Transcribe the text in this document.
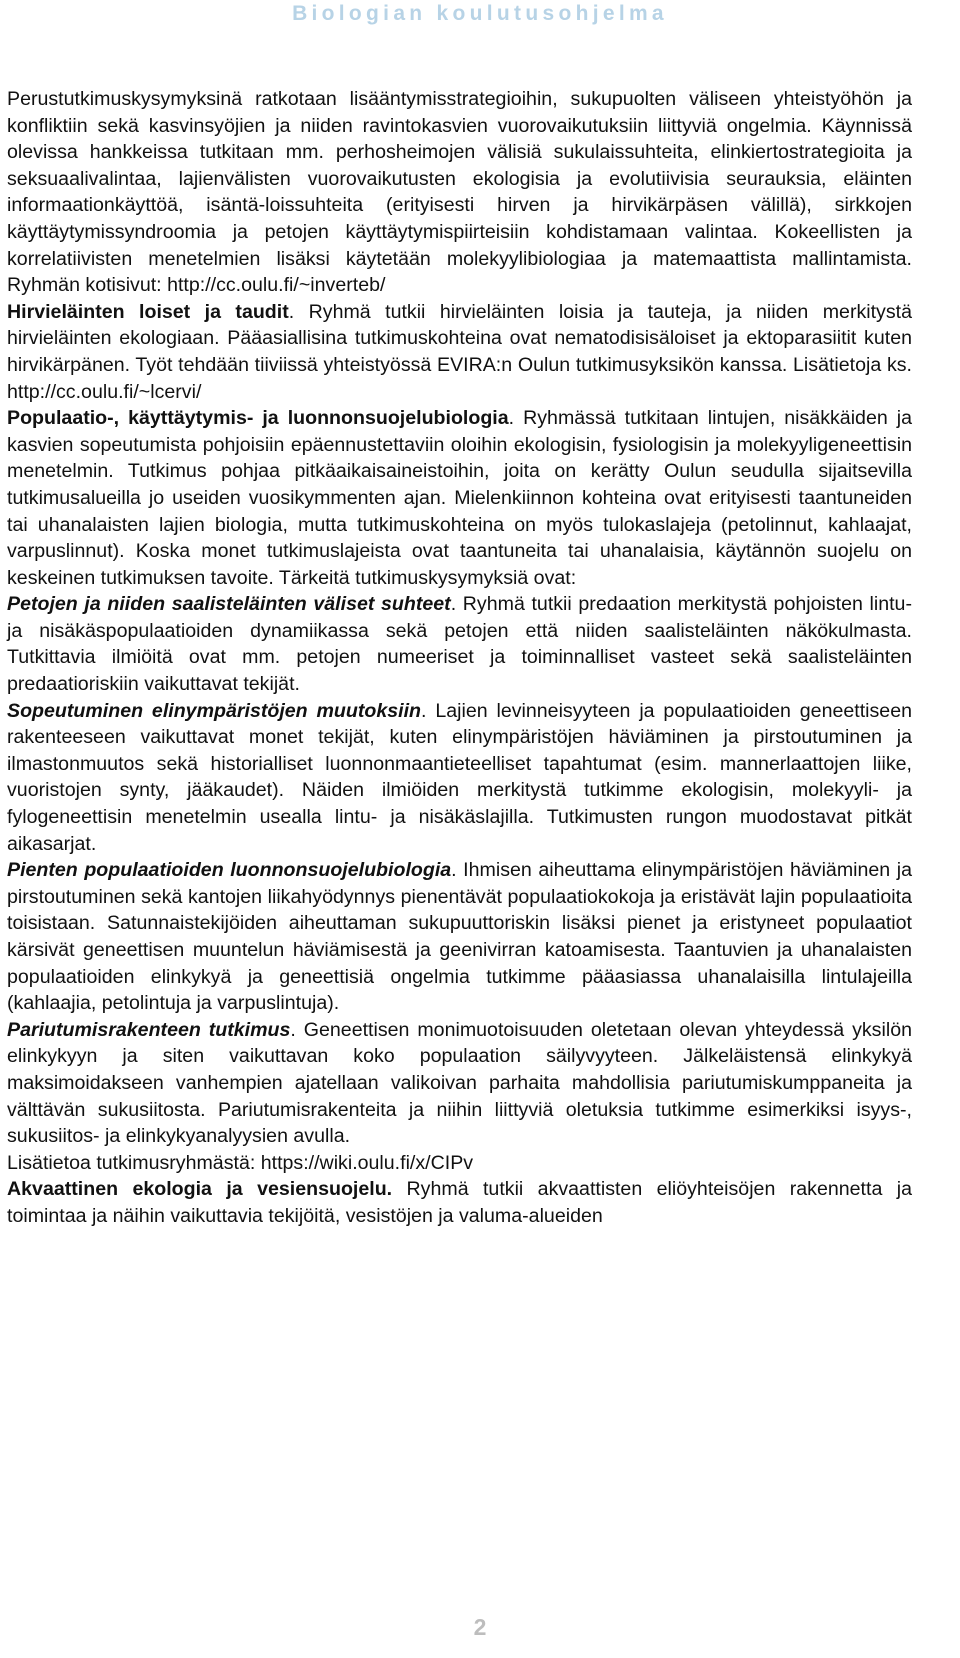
Biologian koulutusohjelma

Perustutkimuskysymyksinä ratkotaan lisääntymisstrategioihin, sukupuolten väliseen yhteistyöhön ja konfliktiin sekä kasvinsyöjien ja niiden ravintokasvien vuorovaikutuksiin liittyviä ongelmia. Käynnissä olevissa hankkeissa tutkitaan mm. perhosheimojen välisiä sukulaissuhteita, elinkiertostrategioita ja seksuaalivalintaa, lajienvälisten vuorovaikutusten ekologisia ja evolutiivisia seurauksia, eläinten informaationkäyttöä, isäntä-loissuhteita (erityisesti hirven ja hirvikärpäsen välillä), sirkkojen käyttäytymissyndroomia ja petojen käyttäytymispiirteisiin kohdistamaan valintaa. Kokeellisten ja korrelatiivisten menetelmien lisäksi käytetään molekyylibiologiaa ja matemaattista mallintamista. Ryhmän kotisivut: http://cc.oulu.fi/~inverteb/

Hirvieläinten loiset ja taudit. Ryhmä tutkii hirvieläinten loisia ja tauteja, ja niiden merkitystä hirvieläinten ekologiaan. Pääasiallisina tutkimuskohteina ovat nematodisisäloiset ja ektoparasiitit kuten hirvikärpänen. Työt tehdään tiiviissä yhteistyössä EVIRA:n Oulun tutkimusyksikön kanssa. Lisätietoja ks. http://cc.oulu.fi/~lcervi/

Populaatio-, käyttäytymis- ja luonnonsuojelubiologia. Ryhmässä tutkitaan lintujen, nisäkkäiden ja kasvien sopeutumista pohjoisiin epäennustettaviin oloihin ekologisin, fysiologisin ja molekyyligeneettisin menetelmin. Tutkimus pohjaa pitkäaikaisaineistoihin, joita on kerätty Oulun seudulla sijaitsevilla tutkimusalueilla jo useiden vuosikymmenten ajan. Mielenkiinnon kohteina ovat erityisesti taantuneiden tai uhanalaisten lajien biologia, mutta tutkimuskohteina on myös tulokaslajeja (petolinnut, kahlaajat, varpuslinnut). Koska monet tutkimuslajeista ovat taantuneita tai uhanalaisia, käytännön suojelu on keskeinen tutkimuksen tavoite. Tärkeitä tutkimuskysymyksiä ovat:

Petojen ja niiden saalisteläinten väliset suhteet. Ryhmä tutkii predaation merkitystä pohjoisten lintu- ja nisäkäspopulaatioiden dynamiikassa sekä petojen että niiden saalisteläinten näkökulmasta. Tutkittavia ilmiöitä ovat mm. petojen numeeriset ja toiminnalliset vasteet sekä saalisteläinten predaatioriskiin vaikuttavat tekijät.

Sopeutuminen elinympäristöjen muutoksiin. Lajien levinneisyyteen ja populaatioiden geneettiseen rakenteeseen vaikuttavat monet tekijät, kuten elinympäristöjen häviäminen ja pirstoutuminen ja ilmastonmuutos sekä historialliset luonnonmaantieteelliset tapahtumat (esim. mannerlaattojen liike, vuoristojen synty, jääkaudet). Näiden ilmiöiden merkitystä tutkimme ekologisin, molekyyli- ja fylogeneettisin menetelmin usealla lintu- ja nisäkäslajilla. Tutkimusten rungon muodostavat pitkät aikasarjat.

Pienten populaatioiden luonnonsuojelubiologia. Ihmisen aiheuttama elinympäristöjen häviäminen ja pirstoutuminen sekä kantojen liikahyödynnys pienentävät populaatiokokoja ja eristävät lajin populaatioita toisistaan. Satunnaistekijöiden aiheuttaman sukupuuttoriskin lisäksi pienet ja eristyneet populaatiot kärsivät geneettisen muuntelun häviämisestä ja geenivirran katoamisesta. Taantuvien ja uhanalaisten populaatioiden elinkykyä ja geneettisiä ongelmia tutkimme pääasiassa uhanalaisilla lintulajeilla (kahlaajia, petolintuja ja varpuslintuja).

Pariutumisrakenteen tutkimus. Geneettisen monimuotoisuuden oletetaan olevan yhteydessä yksilön elinkykyyn ja siten vaikuttavan koko populaation säilyvyyteen. Jälkeläistensä elinkykyä maksimoidakseen vanhempien ajatellaan valikoivan parhaita mahdollisia pariutumiskumppaneita ja välttävän sukusiitosta. Pariutumisrakenteita ja niihin liittyviä oletuksia tutkimme esimerkiksi isyys-, sukusiitos- ja elinkykyanalyysien avulla.

Lisätietoa tutkimusryhmästä: https://wiki.oulu.fi/x/CIPv

Akvaattinen ekologia ja vesiensuojelu. Ryhmä tutkii akvaattisten eliöyhteisöjen rakennetta ja toimintaa ja näihin vaikuttavia tekijöitä, vesistöjen ja valuma-alueiden

2
